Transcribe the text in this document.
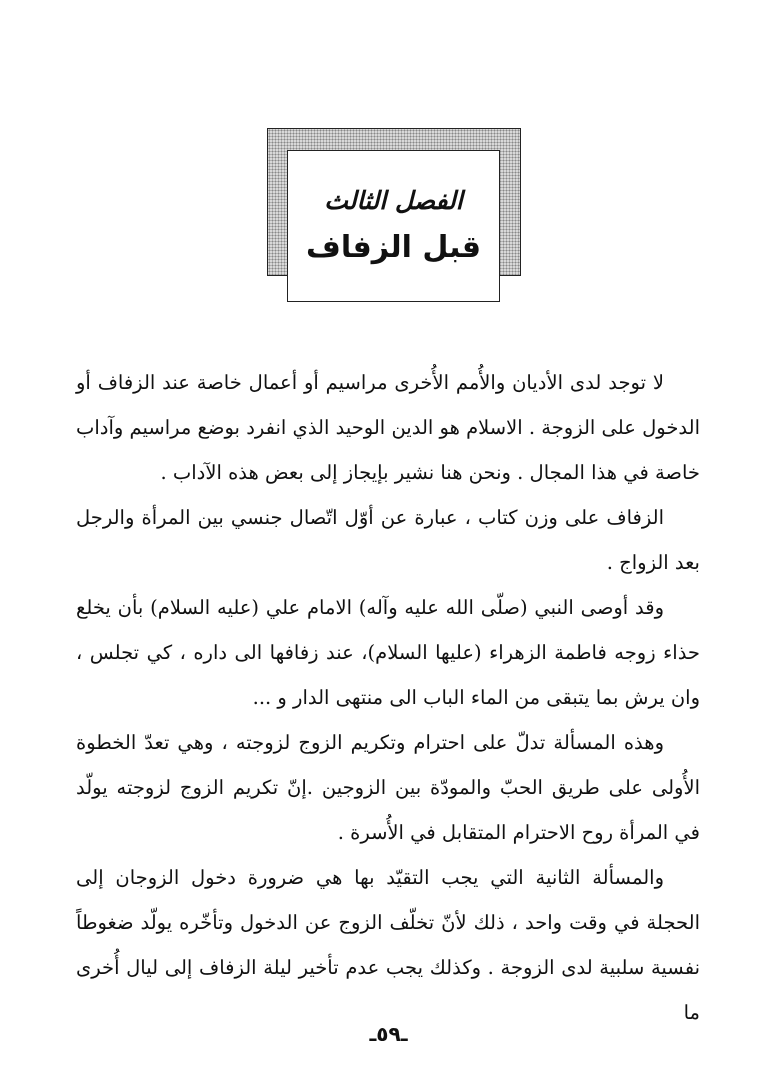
الفصل الثالث
قبل الزفاف

لا توجد لدى الأديان والأُمم الأُخرى مراسيم أو أعمال خاصة عند الزفاف أو الدخول على الزوجة . الاسلام هو الدين الوحيد الذي انفرد بوضع مراسيم وآداب خاصة في هذا المجال . ونحن هنا نشير بإيجاز إلى بعض هذه الآداب .

الزفاف على وزن كتاب ، عبارة عن أوّل اتّصال جنسي بين المرأة والرجل بعد الزواج .

وقد أوصى النبي (صلّى الله عليه وآله) الامام علي (عليه السلام) بأن يخلع حذاء زوجه فاطمة الزهراء (عليها السلام)، عند زفافها الى داره ، كي تجلس ، وان يرش بما يتبقى من الماء الباب الى منتهى الدار و ...

وهذه المسألة تدلّ على احترام وتكريم الزوج لزوجته ، وهي تعدّ الخطوة الأُولى على طريق الحبّ والمودّة بين الزوجين .إنّ تكريم الزوج لزوجته يولّد في المرأة روح الاحترام المتقابل في الأُسرة .

والمسألة الثانية التي يجب التقيّد بها هي ضرورة دخول الزوجان إلى الحجلة في وقت واحد ، ذلك لأنّ تخلّف الزوج عن الدخول وتأخّره يولّد ضغوطاً نفسية سلبية لدى الزوجة . وكذلك يجب عدم تأخير ليلة الزفاف إلى ليال أُخرى ما

ـ٥٩ـ
